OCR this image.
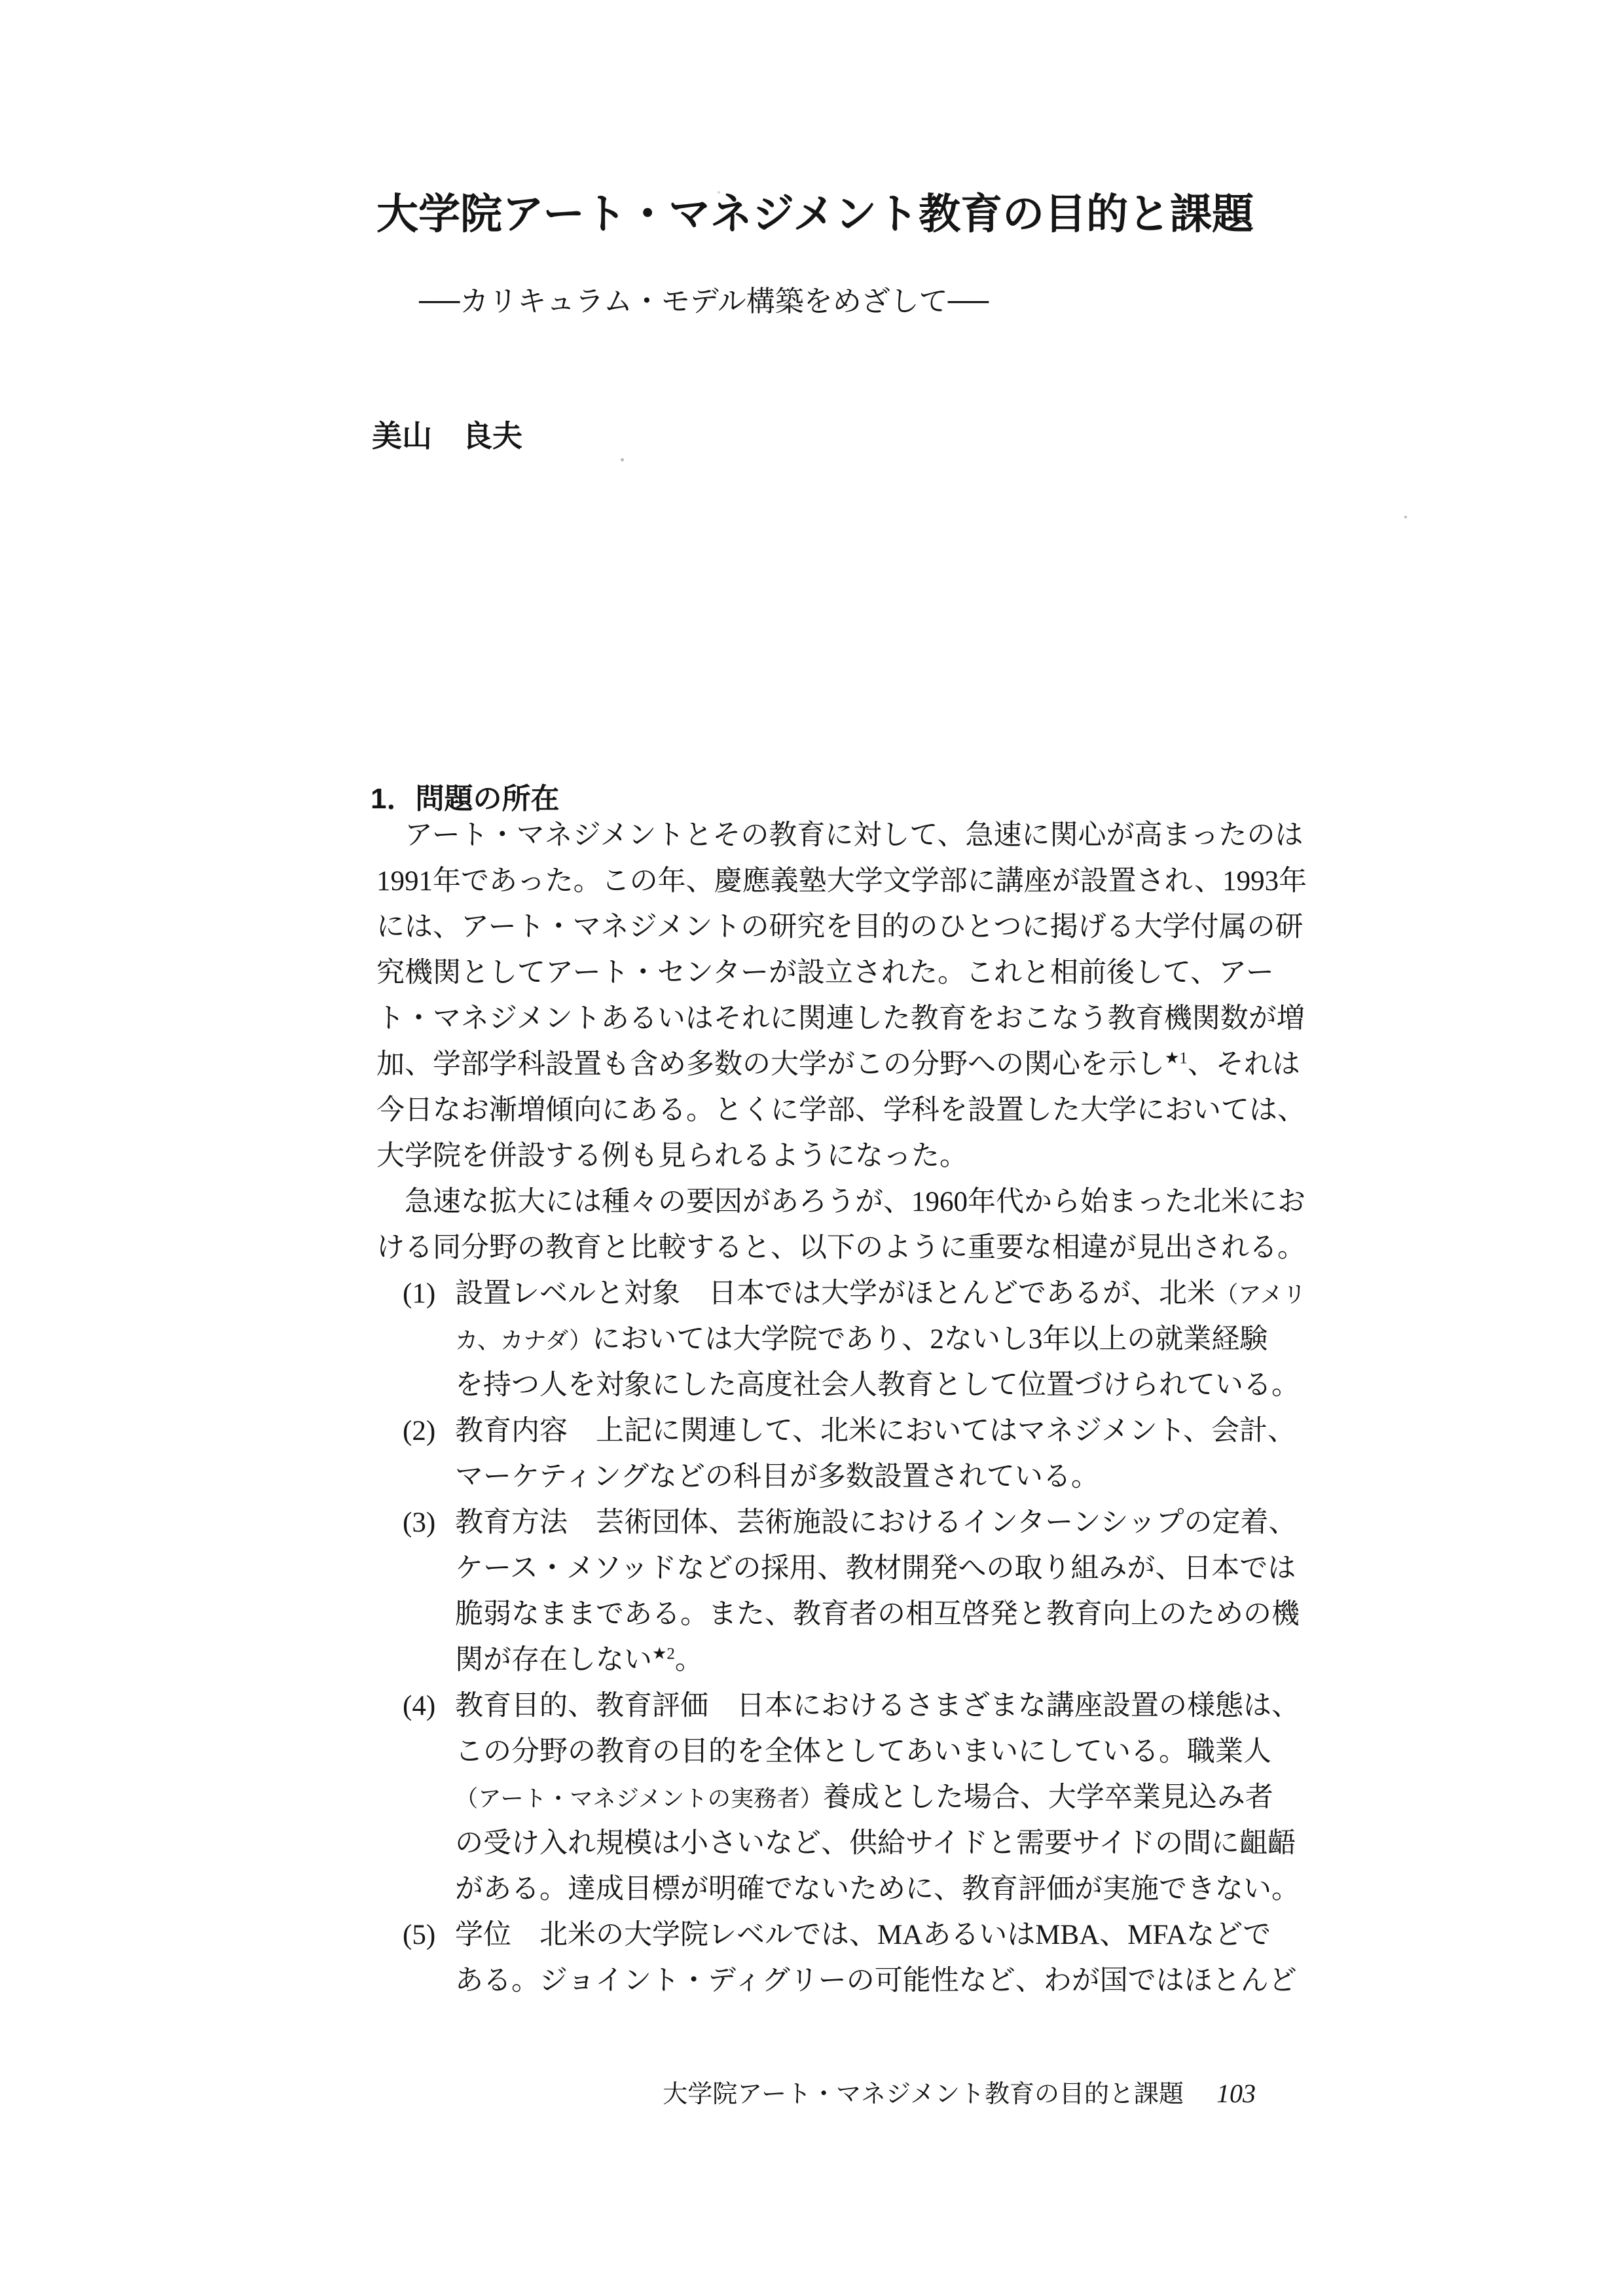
大学院アート・マネジメント教育の目的と課題
──カリキュラム・モデル構築をめざして──
美山　良夫
1．問題の所在
　アート・マネジメントとその教育に対して、急速に関心が高まったのは
1991年であった。この年、慶應義塾大学文学部に講座が設置され、1993年
には、アート・マネジメントの研究を目的のひとつに掲げる大学付属の研
究機関としてアート・センターが設立された。これと相前後して、アー
ト・マネジメントあるいはそれに関連した教育をおこなう教育機関数が増
加、学部学科設置も含め多数の大学がこの分野への関心を示し$^{★1}$、それは
今日なお漸増傾向にある。とくに学部、学科を設置した大学においては、
大学院を併設する例も見られるようになった。
　急速な拡大には種々の要因があろうが、1960年代から始まった北米にお
ける同分野の教育と比較すると、以下のように重要な相違が見出される。
(1) 設置レベルと対象　日本では大学がほとんどであるが、北米（アメリ
カ、カナダ）においては大学院であり、2ないし3年以上の就業経験
を持つ人を対象にした高度社会人教育として位置づけられている。
(2) 教育内容　上記に関連して、北米においてはマネジメント、会計、
マーケティングなどの科目が多数設置されている。
(3) 教育方法　芸術団体、芸術施設におけるインターンシップの定着、
ケース・メソッドなどの採用、教材開発への取り組みが、日本では
脆弱なままである。また、教育者の相互啓発と教育向上のための機
関が存在しない$^{★2}$。
(4) 教育目的、教育評価　日本におけるさまざまな講座設置の様態は、
この分野の教育の目的を全体としてあいまいにしている。職業人
（アート・マネジメントの実務者）養成とした場合、大学卒業見込み者
の受け入れ規模は小さいなど、供給サイドと需要サイドの間に齟齬
がある。達成目標が明確でないために、教育評価が実施できない。
(5) 学位　北米の大学院レベルでは、MAあるいはMBA、MFAなどで
ある。ジョイント・ディグリーの可能性など、わが国ではほとんど
大学院アート・マネジメント教育の目的と課題 103
